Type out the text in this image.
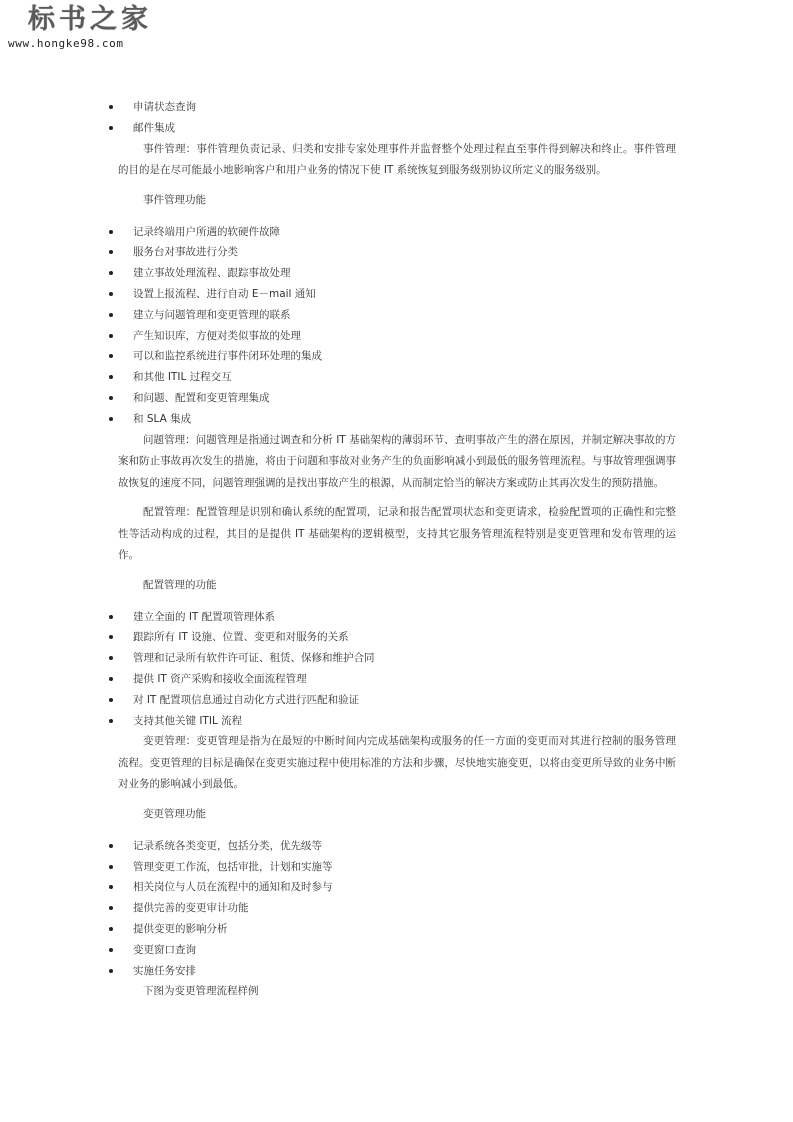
标书之家
www.hongke98.com
申请状态查询
邮件集成

事件管理：事件管理负责记录、归类和安排专家处理事件并监督整个处理过程直至事件得到解决和终止。事件管理的目的是在尽可能最小地影响客户和用户业务的情况下使 IT 系统恢复到服务级别协议所定义的服务级别。

事件管理功能

记录终端用户所遇的软硬件故障
服务台对事故进行分类
建立事故处理流程、跟踪事故处理
设置上报流程、进行自动 E－mail 通知
建立与问题管理和变更管理的联系
产生知识库，方便对类似事故的处理
可以和监控系统进行事件闭环处理的集成
和其他 ITIL 过程交互
和问题、配置和变更管理集成
和 SLA 集成

问题管理：问题管理是指通过调查和分析 IT 基础架构的薄弱环节、查明事故产生的潜在原因，并制定解决事故的方案和防止事故再次发生的措施，将由于问题和事故对业务产生的负面影响减小到最低的服务管理流程。与事故管理强调事故恢复的速度不同，问题管理强调的是找出事故产生的根源，从而制定恰当的解决方案或防止其再次发生的预防措施。

配置管理：配置管理是识别和确认系统的配置项，记录和报告配置项状态和变更请求，检验配置项的正确性和完整性等活动构成的过程，其目的是提供 IT 基础架构的逻辑模型，支持其它服务管理流程特别是变更管理和发布管理的运作。

配置管理的功能

建立全面的 IT 配置项管理体系
跟踪所有 IT 设施、位置、变更和对服务的关系
管理和记录所有软件许可证、租赁、保修和维护合同
提供 IT 资产采购和接收全面流程管理
对 IT 配置项信息通过自动化方式进行匹配和验证
支持其他关键 ITIL 流程

变更管理：变更管理是指为在最短的中断时间内完成基础架构或服务的任一方面的变更而对其进行控制的服务管理流程。变更管理的目标是确保在变更实施过程中使用标准的方法和步骤，尽快地实施变更，以将由变更所导致的业务中断对业务的影响减小到最低。

变更管理功能

记录系统各类变更，包括分类，优先级等
管理变更工作流，包括审批，计划和实施等
相关岗位与人员在流程中的通知和及时参与
提供完善的变更审计功能
提供变更的影响分析
变更窗口查询
实施任务安排

下图为变更管理流程样例
